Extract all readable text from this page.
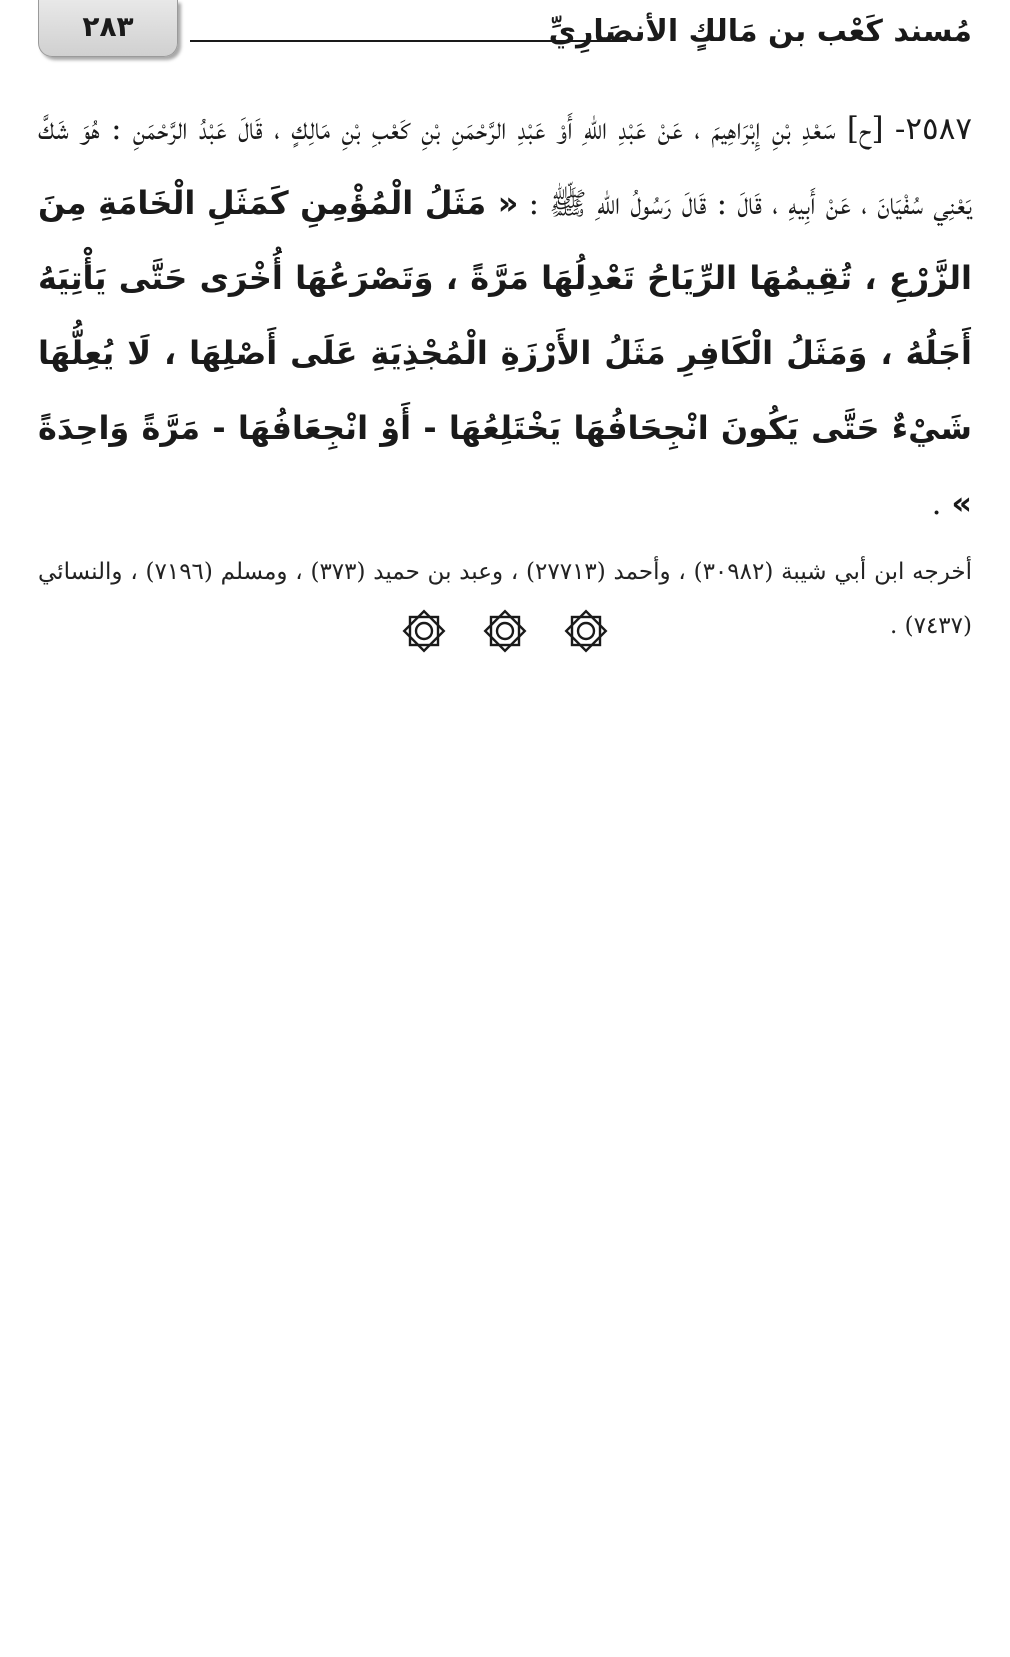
٢٨٣	مُسند كَعْب بن مَالكٍ الأنصَارِيِّ

٢٥٨٧- [ح] سَعْدِ بْنِ إِبْرَاهِيمَ ، عَنْ عَبْدِ اللهِ أَوْ عَبْدِ الرَّحْمَنِ بْنِ كَعْبِ بْنِ مَالِكٍ ، قَالَ عَبْدُ الرَّحْمَنِ : هُوَ شَكَّ يَعْنِي سُفْيَانَ ، عَنْ أَبِيهِ ، قَالَ : قَالَ رَسُولُ اللهِ ﷺ : « مَثَلُ الْمُؤْمِنِ كَمَثَلِ الْخَامَةِ مِنَ الزَّرْعِ ، تُقِيمُهَا الرِّيَاحُ تَعْدِلُهَا مَرَّةً ، وَتَصْرَعُهَا أُخْرَى حَتَّى يَأْتِيَهُ أَجَلُهُ ، وَمَثَلُ الْكَافِرِ مَثَلُ الأَرْزَةِ الْمُجْذِيَةِ عَلَى أَصْلِهَا ، لَا يُعِلُّهَا شَيْءٌ حَتَّى يَكُونَ انْجِحَافُهَا يَخْتَلِعُهَا - أَوْ انْجِعَافُهَا - مَرَّةً وَاحِدَةً » .

أخرجه ابن أبي شيبة (٣٠٩٨٢) ، وأحمد (٢٧٧١٣) ، وعبد بن حميد (٣٧٣) ، ومسلم (٧١٩٦) ، والنسائي (٧٤٣٧) .
